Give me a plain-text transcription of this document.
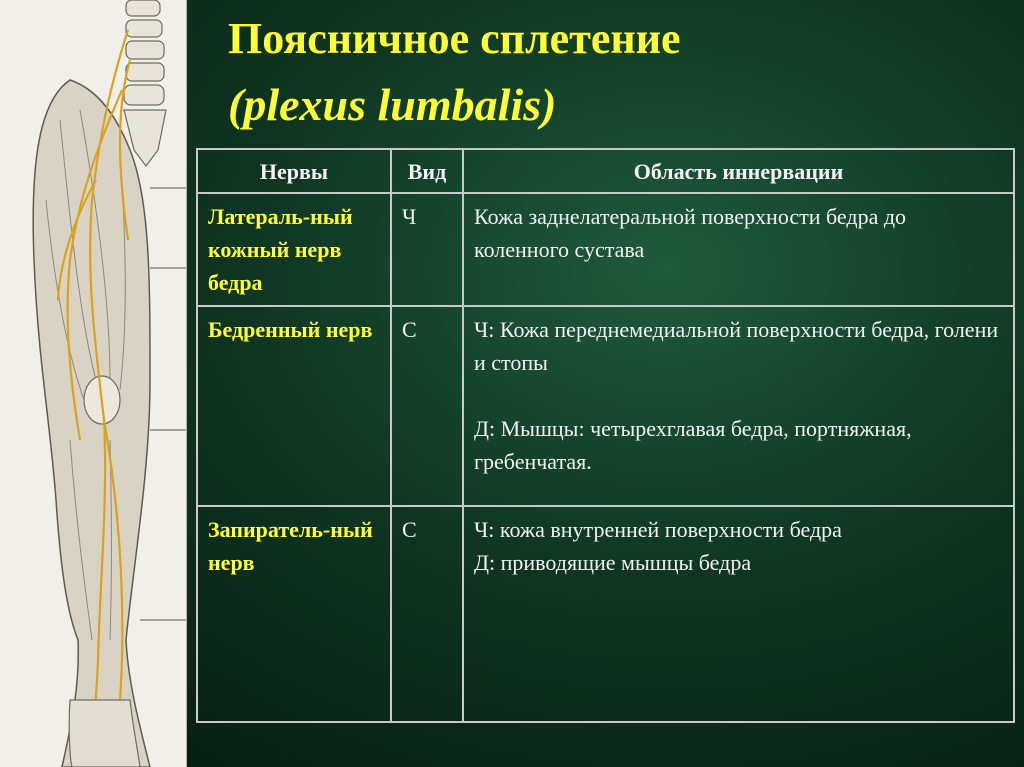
Поясничное сплетение
(plexus lumbalis)
Нервы	Вид	Область иннервации
Латераль-ный кожный нерв бедра	Ч	Кожа заднелатеральной поверхности бедра до коленного сустава
Бедренный нерв	С	Ч: Кожа переднемедиальной поверхности бедра, голени и стопы
Д: Мышцы: четырехглавая бедра, портняжная, гребенчатая.
Запиратель-ный нерв	С	Ч: кожа внутренней поверхности бедра
Д: приводящие мышцы бедра
